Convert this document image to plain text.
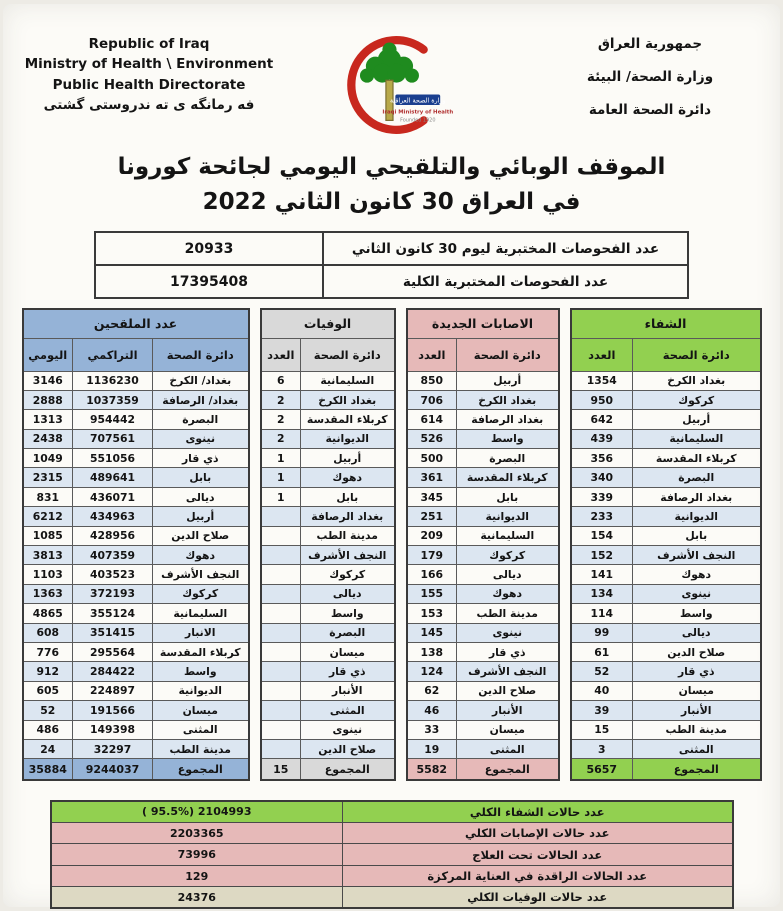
Republic of Iraq
Ministry of Health \ Environment
Public Health Directorate
فه رمانگه ی ته ندروستی گشتی	وزارة الصحة العراقية
Iraqi Ministry of Health
Founded 1920
جمهورية العراق
وزارة الصحة/ البيئة
دائرة الصحة العامة
الموقف الوبائي والتلقيحي اليومي لجائحة كورونا
في العراق 30 كانون الثاني 2022
عدد الفحوصات المختبرية ليوم 30 كانون الثاني	20933
عدد الفحوصات المختبرية الكلية	17395408
الشفاء	
دائرة الصحة	العدد
بغداد الكرخ	1354
كركوك	950
أربيل	642
السليمانية	439
كربلاء المقدسة	356
البصرة	340
بغداد الرصافة	339
الديوانية	233
بابل	154
النجف الأشرف	152
دهوك	141
نينوى	134
واسط	114
ديالى	99
صلاح الدين	61
ذي قار	52
ميسان	40
الأنبار	39
مدينة الطب	15
المثنى	3
المجموع	5657
الاصابات الجديدة	
دائرة الصحة	العدد
أربيل	850
بغداد الكرخ	706
بغداد الرصافة	614
واسط	526
البصرة	500
كربلاء المقدسة	361
بابل	345
الديوانية	251
السليمانية	209
كركوك	179
ديالى	166
دهوك	155
مدينة الطب	153
نينوى	145
ذي قار	138
النجف الأشرف	124
صلاح الدين	62
الأنبار	46
ميسان	33
المثنى	19
المجموع	5582
الوفيات	
دائرة الصحة	العدد
السليمانية	6
بغداد الكرخ	2
كربلاء المقدسة	2
الديوانية	2
أربيل	1
دهوك	1
بابل	1
بغداد الرصافة	
مدينة الطب	
النجف الأشرف	
كركوك	
ديالى	
واسط	
البصرة	
ميسان	
ذي قار	
الأنبار	
المثنى	
نينوى	
صلاح الدين	
المجموع	15
عدد الملقحين		
دائرة الصحة	التراكمي	اليومي
بغداد/ الكرخ	1136230	3146
بغداد/ الرصافة	1037359	2888
البصرة	954442	1313
نينوى	707561	2438
ذي قار	551056	1049
بابل	489641	2315
ديالى	436071	831
أربيل	434963	6212
صلاح الدين	428956	1085
دهوك	407359	3813
النجف الأشرف	403523	1103
كركوك	372193	1363
السليمانية	355124	4865
الانبار	351415	608
كربلاء المقدسة	295564	776
واسط	284422	912
الديوانية	224897	605
ميسان	191566	52
المثنى	149398	486
مدينة الطب	32297	24
المجموع	9244037	35884
عدد حالات الشفاء الكلي	( 95.5%) 2104993
عدد حالات الإصابات الكلي	2203365
عدد الحالات تحت العلاج	73996
عدد الحالات الراقدة في العناية المركزة	129
عدد حالات الوفيات الكلي	24376
